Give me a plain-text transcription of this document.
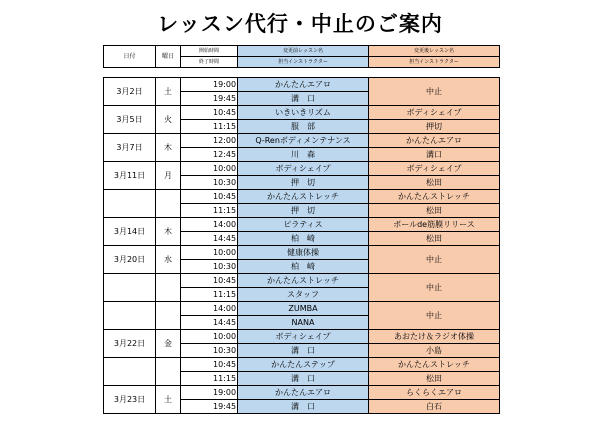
レッスン代行・中止のご案内
日付	曜日	開始時間	変更前レッスン名	変更後レッスン名
		終了時間	担当インストラクター	担当インストラクター
3月2日	土	19:00	かんたんエアロ	中止
		19:45	溝　口	
3月5日	火	10:45	いきいきリズム	ボディシェイプ
		11:15	服　部	押切
3月7日	木	12:00	Q-Renボディメンテナンス	かんたんエアロ
		12:45	川　森	溝口
3月11日	月	10:00	ボディシェイプ	ボディシェイプ
		10:30	押　切	松田
		10:45	かんたんストレッチ	かんたんストレッチ
		11:15	押　切	松田
3月14日	木	14:00	ピラティス	ボールde筋膜リリース
		14:45	柏　崎	松田
3月20日	水	10:00	健康体操	中止
		10:30	柏　崎	
		10:45	かんたんストレッチ	中止
		11:15	スタッフ	
		14:00	ZUMBA	中止
		14:45	NANA	
3月22日	金	10:00	ボディシェイプ	あおたけ＆ラジオ体操
		10:30	溝　口	小島
		10:45	かんたんステップ	かんたんストレッチ
		11:15	溝　口	松田
3月23日	土	19:00	かんたんエアロ	らくらくエアロ
		19:45	溝　口	白石
